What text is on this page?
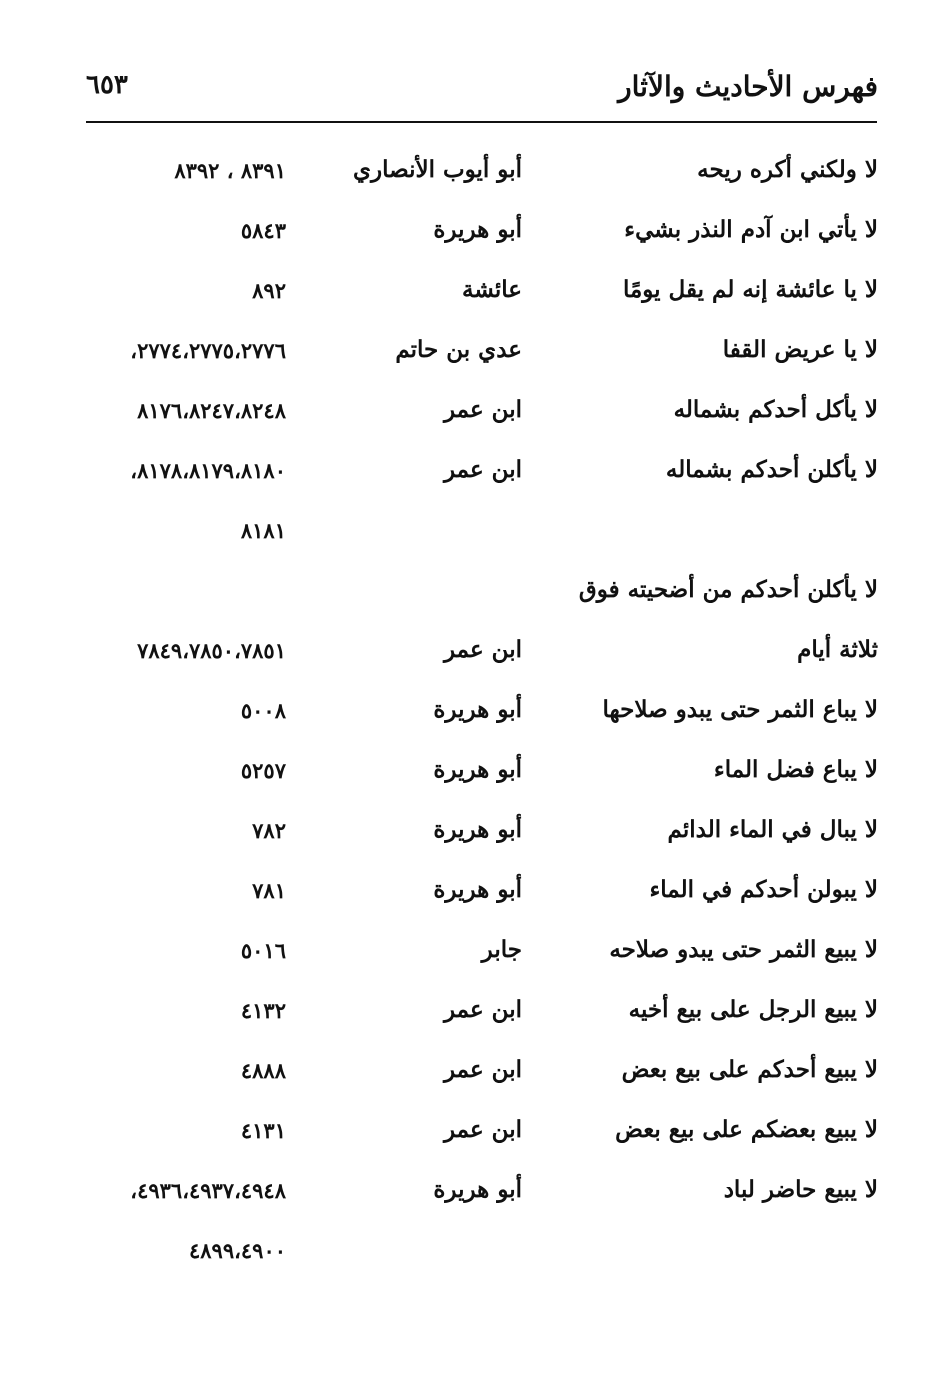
فهرس الأحاديث والآثار
٦٥٣
لا ولكني أكره ريحه
أبو أيوب الأنصاري
٨٣٩١ ، ٨٣٩٢
لا يأتي ابن آدم النذر بشيء
أبو هريرة
٥٨٤٣
لا يا عائشة إنه لم يقل يومًا
عائشة
٨٩٢
لا يا عريض القفا
عدي بن حاتم
٢٧٧٤،٢٧٧٥،٢٧٧٦،
لا يأكل أحدكم بشماله
ابن عمر
٨١٧٦،٨٢٤٧،٨٢٤٨
لا يأكلن أحدكم بشماله
ابن عمر
٨١٧٨،٨١٧٩،٨١٨٠،
٨١٨١
لا يأكلن أحدكم من أضحيته فوق
ثلاثة أيام
ابن عمر
٧٨٤٩،٧٨٥٠،٧٨٥١
لا يباع الثمر حتى يبدو صلاحها
أبو هريرة
٥٠٠٨
لا يباع فضل الماء
أبو هريرة
٥٢٥٧
لا يبال في الماء الدائم
أبو هريرة
٧٨٢
لا يبولن أحدكم في الماء
أبو هريرة
٧٨١
لا يبيع الثمر حتى يبدو صلاحه
جابر
٥٠١٦
لا يبيع الرجل على بيع أخيه
ابن عمر
٤١٣٢
لا يبيع أحدكم على بيع بعض
ابن عمر
٤٨٨٨
لا يبيع بعضكم على بيع بعض
ابن عمر
٤١٣١
لا يبيع حاضر لباد
أبو هريرة
٤٩٣٦،٤٩٣٧،٤٩٤٨،
٤٨٩٩،٤٩٠٠
